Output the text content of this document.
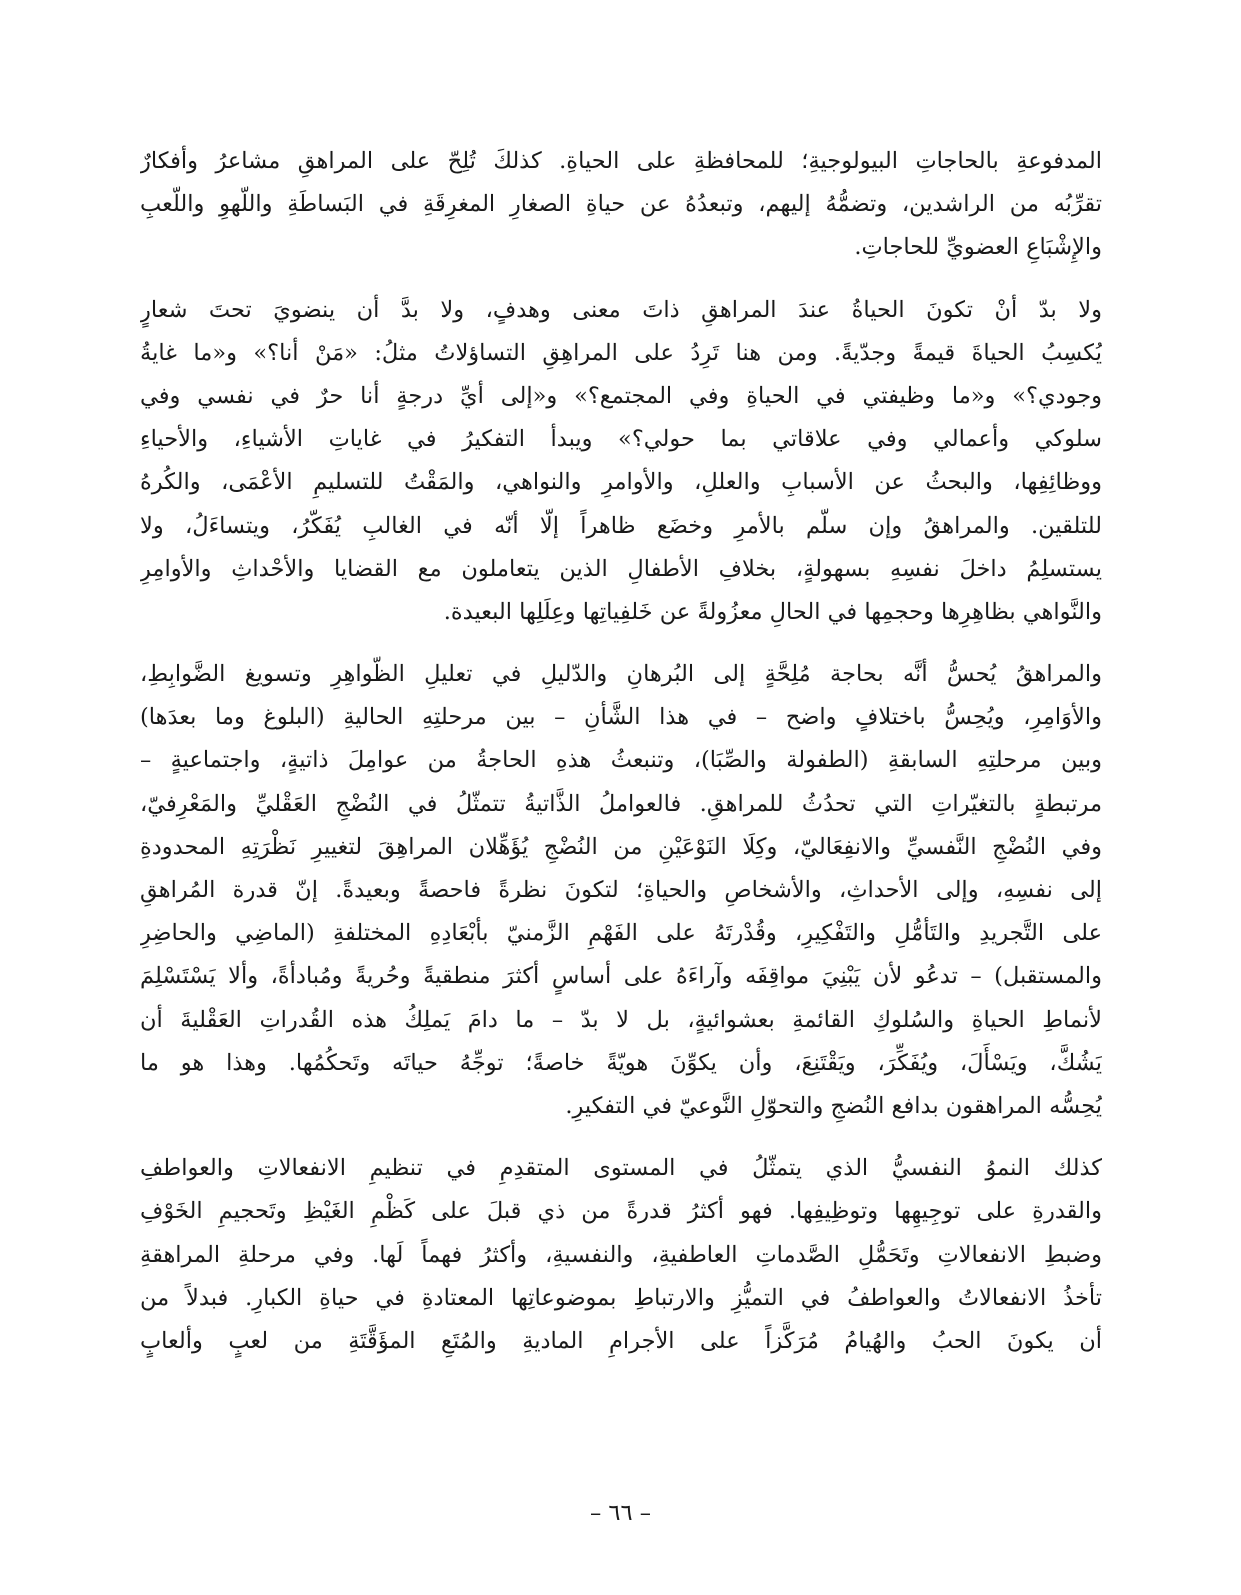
المدفوعةِ بالحاجاتِ البيولوجيةِ؛ للمحافظةِ على الحياةِ. كذلكَ تُلِحّ على المراهقِ مشاعرُ وأفكارٌ
تقرِّبُه من الراشدين، وتضمُّهُ إليهم، وتبعدُهُ عن حياةِ الصغارِ المغرِقَةِ في البَساطَةِ واللّهوِ واللّعبِ
والإِشْبَاعِ العضويِّ للحاجاتِ.
ولا بدّ أنْ تكونَ الحياةُ عندَ المراهقِ ذاتَ معنى وهدفٍ، ولا بدَّ أن ينضويَ تحتَ شعارٍ
يُكسِبُ الحياةَ قيمةً وجدّيةً. ومن هنا تَرِدُ على المراهِقِ التساؤلاتُ مثلُ: «مَنْ أنا؟» و«ما غايةُ
وجودي؟» و«ما وظيفتي في الحياةِ وفي المجتمع؟» و«إلى أيِّ درجةٍ أنا حرٌ في نفسي وفي
سلوكي وأعمالي وفي علاقاتي بما حولي؟» ويبدأ التفكيرُ في غاياتِ الأشياءِ، والأحياءِ
ووظائِفِها، والبحثُ عن الأسبابِ والعللِ، والأوامرِ والنواهي، والمَقْتُ للتسليمِ الأعْمَى، والكُرهُ
للتلقين. والمراهقُ وإن سلّم بالأمرِ وخضَع ظاهراً إلّا أنّه في الغالبِ يُفَكّرُ، ويتساءَلُ، ولا
يستسلِمُ داخلَ نفسِهِ بسهولةٍ، بخلافِ الأطفالِ الذين يتعاملون مع القضايا والأحْداثِ والأوامِرِ
والنَّواهي بظاهِرِها وحجمِها في الحالِ معزُولةً عن خَلفِياتِها وعِلَلِها البعيدة.
والمراهقُ يُحسُّ أنَّه بحاجة مُلِحَّةٍ إلى البُرهانِ والدّليلِ في تعليلِ الظّواهِرِ وتسويغ الضَّوابِطِ،
والأوَامِرِ، ويُحِسُّ باختلافٍ واضح – في هذا الشَّأنِ – بين مرحلتِهِ الحاليةِ (البلوغ وما بعدَها)
وبين مرحلتِهِ السابقةِ (الطفولة والصِّبَا)، وتنبعثُ هذهِ الحاجةُ من عوامِلَ ذاتيةٍ، واجتماعيةٍ –
مرتبطةٍ بالتغيّراتِ التي تحدُثُ للمراهقِ. فالعواملُ الذَّاتيةُ تتمثّلُ في النُضْجِ العَقْليِّ والمَعْرِفيّ،
وفي النُضْجِ النَّفسيِّ والانفِعَاليّ، وكِلَا النَوْعَيْنِ من النُضْجِ يُؤَهِّلان المراهِقَ لتغييرِ نَظْرَتِهِ المحدودةِ
إلى نفسِهِ، وإلى الأحداثِ، والأشخاصِ والحياةِ؛ لتكونَ نظرةً فاحصةً وبعيدةً. إنّ قدرة المُراهقِ
على التَّجريدِ والتَأمُّلِ والتَفْكِيرِ، وقُدْرتَهُ على الفَهْمِ الزَّمنيّ بأبْعَادِهِ المختلفةِ (الماضِي والحاضِرِ
والمستقبل) – تدعُو لأن يَبْنِيَ مواقِفَه وآراءَهُ على أساسٍ أكثرَ منطقيةً وحُريةً ومُبادأةً، وألا يَسْتَسْلِمَ
لأنماطِ الحياةِ والسُلوكِ القائمةِ بعشوائيةٍ، بل لا بدّ – ما دامَ يَملِكُ هذه القُدراتِ العَقْليةَ أن
يَشُكَّ، ويَسْأَلَ، ويُفَكِّرَ، ويَقْتَنِعَ، وأن يكوِّنَ هويّةً خاصةً؛ توجِّهُ حياتَه وتَحكُمُها. وهذا هو ما
يُحِسُّه المراهقون بدافع النُضجِ والتحوّلِ النَّوعيّ في التفكيرِ.
كذلك النموُ النفسيُّ الذي يتمثّلُ في المستوى المتقدِمِ في تنظيمِ الانفعالاتِ والعواطفِ
والقدرةِ على توجِيهِها وتوظِيفِها. فهو أكثرُ قدرةً من ذي قبلَ على كَظْمِ الغَيْظِ وتَحجيمِ الخَوْفِ
وضبطِ الانفعالاتِ وتَحَمُّلِ الصَّدماتِ العاطفيةِ، والنفسيةِ، وأكثرُ فهماً لَها. وفي مرحلةِ المراهقةِ
تأخذُ الانفعالاتُ والعواطفُ في التميُّزِ والارتباطِ بموضوعاتِها المعتادةِ في حياةِ الكبارِ. فبدلاً من
أن يكونَ الحبُ والهُيامُ مُرَكَّزاً على الأجرامِ الماديةِ والمُتَعِ المؤَقَّتَةِ من لعبٍ وألعابٍ
– ٦٦ –
